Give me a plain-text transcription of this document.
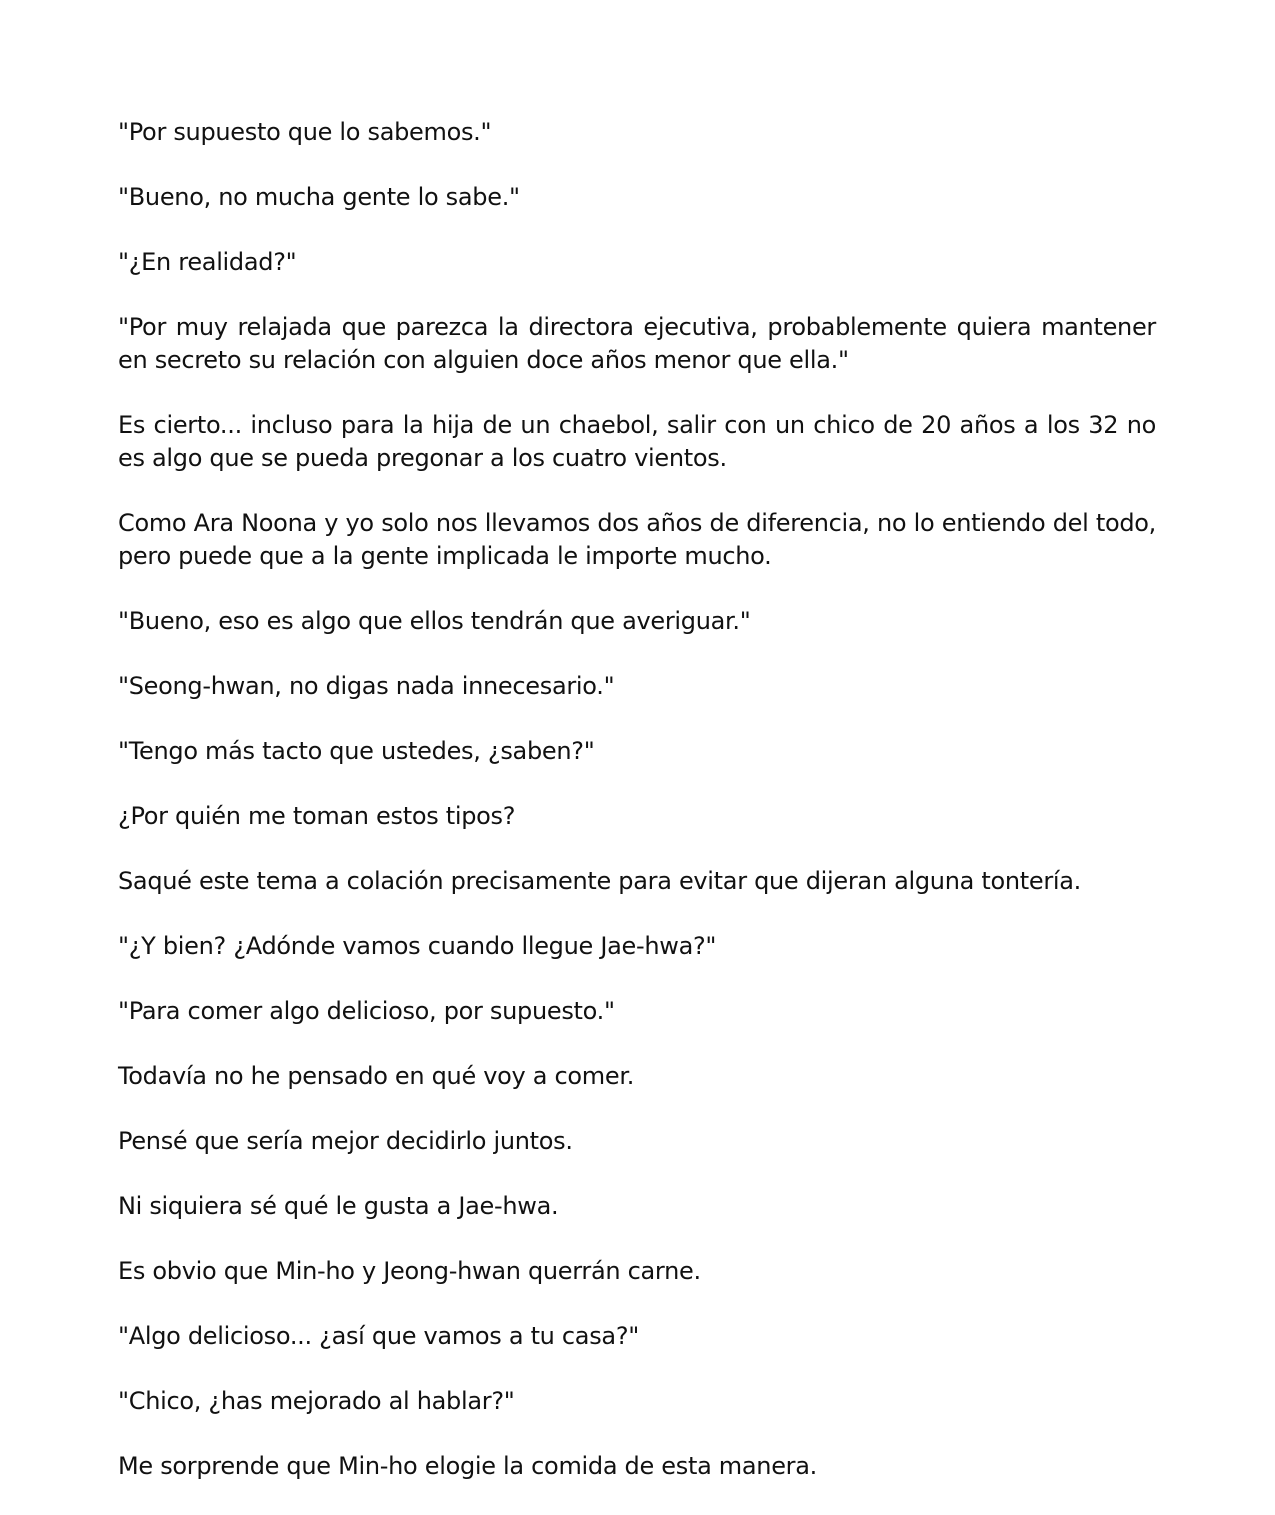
"Por supuesto que lo sabemos."

"Bueno, no mucha gente lo sabe."

"¿En realidad?"

"Por muy relajada que parezca la directora ejecutiva, probablemente quiera mantener en secreto su relación con alguien doce años menor que ella."

Es cierto... incluso para la hija de un chaebol, salir con un chico de 20 años a los 32 no es algo que se pueda pregonar a los cuatro vientos.

Como Ara Noona y yo solo nos llevamos dos años de diferencia, no lo entiendo del todo, pero puede que a la gente implicada le importe mucho.

"Bueno, eso es algo que ellos tendrán que averiguar."

"Seong-hwan, no digas nada innecesario."

"Tengo más tacto que ustedes, ¿saben?"

¿Por quién me toman estos tipos?

Saqué este tema a colación precisamente para evitar que dijeran alguna tontería.

"¿Y bien? ¿Adónde vamos cuando llegue Jae-hwa?"

"Para comer algo delicioso, por supuesto."

Todavía no he pensado en qué voy a comer.

Pensé que sería mejor decidirlo juntos.

Ni siquiera sé qué le gusta a Jae-hwa.

Es obvio que Min-ho y Jeong-hwan querrán carne.

"Algo delicioso... ¿así que vamos a tu casa?"

"Chico, ¿has mejorado al hablar?"

Me sorprende que Min-ho elogie la comida de esta manera.
